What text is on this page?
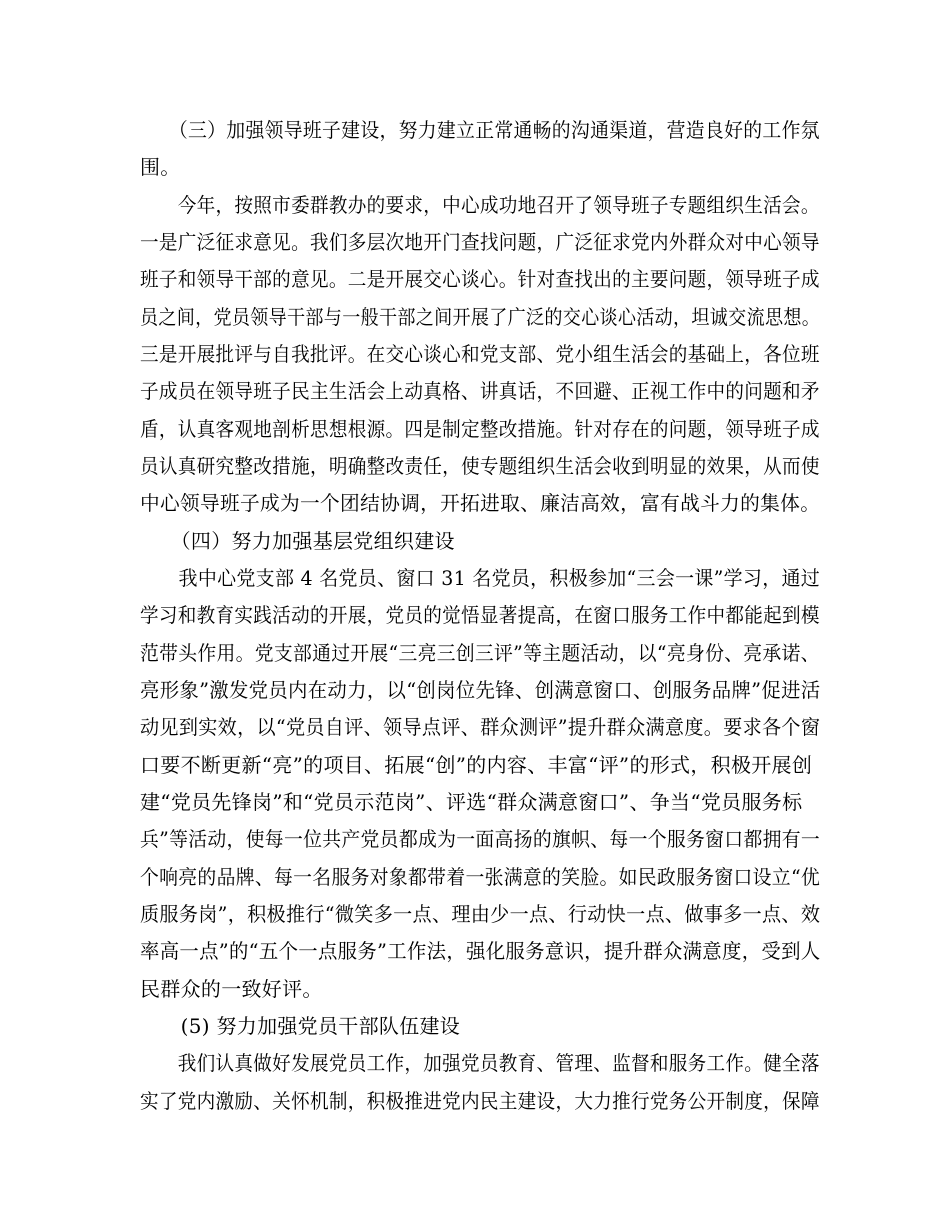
　　（三）加强领导班子建设，努力建立正常通畅的沟通渠道，营造良好的工作氛
围。
　　今年，按照市委群教办的要求，中心成功地召开了领导班子专题组织生活会。
一是广泛征求意见。我们多层次地开门查找问题，广泛征求党内外群众对中心领导
班子和领导干部的意见。二是开展交心谈心。针对查找出的主要问题，领导班子成
员之间，党员领导干部与一般干部之间开展了广泛的交心谈心活动，坦诚交流思想。
三是开展批评与自我批评。在交心谈心和党支部、党小组生活会的基础上，各位班
子成员在领导班子民主生活会上动真格、讲真话，不回避、正视工作中的问题和矛
盾，认真客观地剖析思想根源。四是制定整改措施。针对存在的问题，领导班子成
员认真研究整改措施，明确整改责任，使专题组织生活会收到明显的效果，从而使
中心领导班子成为一个团结协调，开拓进取、廉洁高效，富有战斗力的集体。
　　（四）努力加强基层党组织建设
　　我中心党支部 4 名党员、窗口 31 名党员，积极参加“三会一课”学习，通过
学习和教育实践活动的开展，党员的觉悟显著提高，在窗口服务工作中都能起到模
范带头作用。党支部通过开展“三亮三创三评”等主题活动，以“亮身份、亮承诺、
亮形象”激发党员内在动力，以“创岗位先锋、创满意窗口、创服务品牌”促进活
动见到实效，以“党员自评、领导点评、群众测评”提升群众满意度。要求各个窗
口要不断更新“亮”的项目、拓展“创”的内容、丰富“评”的形式，积极开展创
建“党员先锋岗”和“党员示范岗”、评选“群众满意窗口”、争当“党员服务标
兵”等活动，使每一位共产党员都成为一面高扬的旗帜、每一个服务窗口都拥有一
个响亮的品牌、每一名服务对象都带着一张满意的笑脸。如民政服务窗口设立“优
质服务岗”，积极推行“微笑多一点、理由少一点、行动快一点、做事多一点、效
率高一点”的“五个一点服务”工作法，强化服务意识，提升群众满意度，受到人
民群众的一致好评。
　　(5) 努力加强党员干部队伍建设
　　我们认真做好发展党员工作，加强党员教育、管理、监督和服务工作。健全落
实了党内激励、关怀机制，积极推进党内民主建设，大力推行党务公开制度，保障
